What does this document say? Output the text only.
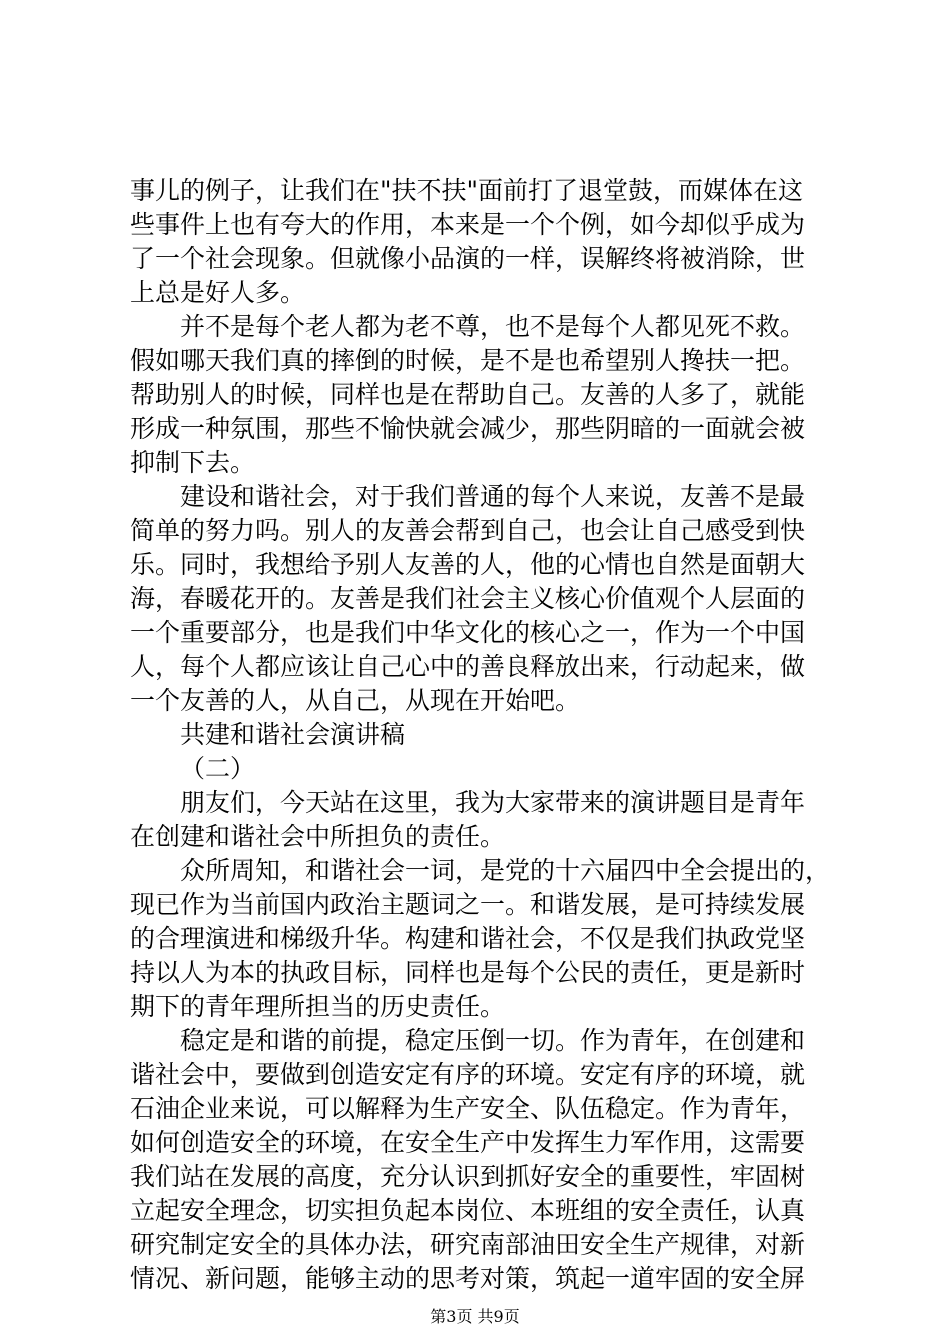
事儿的例子，让我们在"扶不扶"面前打了退堂鼓，而媒体在这
些事件上也有夸大的作用，本来是一个个例，如今却似乎成为
了一个社会现象。但就像小品演的一样，误解终将被消除，世
上总是好人多。
并不是每个老人都为老不尊，也不是每个人都见死不救。
假如哪天我们真的摔倒的时候，是不是也希望别人搀扶一把。
帮助别人的时候，同样也是在帮助自己。友善的人多了，就能
形成一种氛围，那些不愉快就会减少，那些阴暗的一面就会被
抑制下去。
建设和谐社会，对于我们普通的每个人来说，友善不是最
简单的努力吗。别人的友善会帮到自己，也会让自己感受到快
乐。同时，我想给予别人友善的人，他的心情也自然是面朝大
海，春暖花开的。友善是我们社会主义核心价值观个人层面的
一个重要部分，也是我们中华文化的核心之一，作为一个中国
人，每个人都应该让自己心中的善良释放出来，行动起来，做
一个友善的人，从自己，从现在开始吧。
共建和谐社会演讲稿
（二）
朋友们，今天站在这里，我为大家带来的演讲题目是青年
在创建和谐社会中所担负的责任。
众所周知，和谐社会一词，是党的十六届四中全会提出的，
现已作为当前国内政治主题词之一。和谐发展，是可持续发展
的合理演进和梯级升华。构建和谐社会，不仅是我们执政党坚
持以人为本的执政目标，同样也是每个公民的责任，更是新时
期下的青年理所担当的历史责任。
稳定是和谐的前提，稳定压倒一切。作为青年，在创建和
谐社会中，要做到创造安定有序的环境。安定有序的环境，就
石油企业来说，可以解释为生产安全、队伍稳定。作为青年，
如何创造安全的环境，在安全生产中发挥生力军作用，这需要
我们站在发展的高度，充分认识到抓好安全的重要性，牢固树
立起安全理念，切实担负起本岗位、本班组的安全责任，认真
研究制定安全的具体办法，研究南部油田安全生产规律，对新
情况、新问题，能够主动的思考对策，筑起一道牢固的安全屏
第3页 共9页
